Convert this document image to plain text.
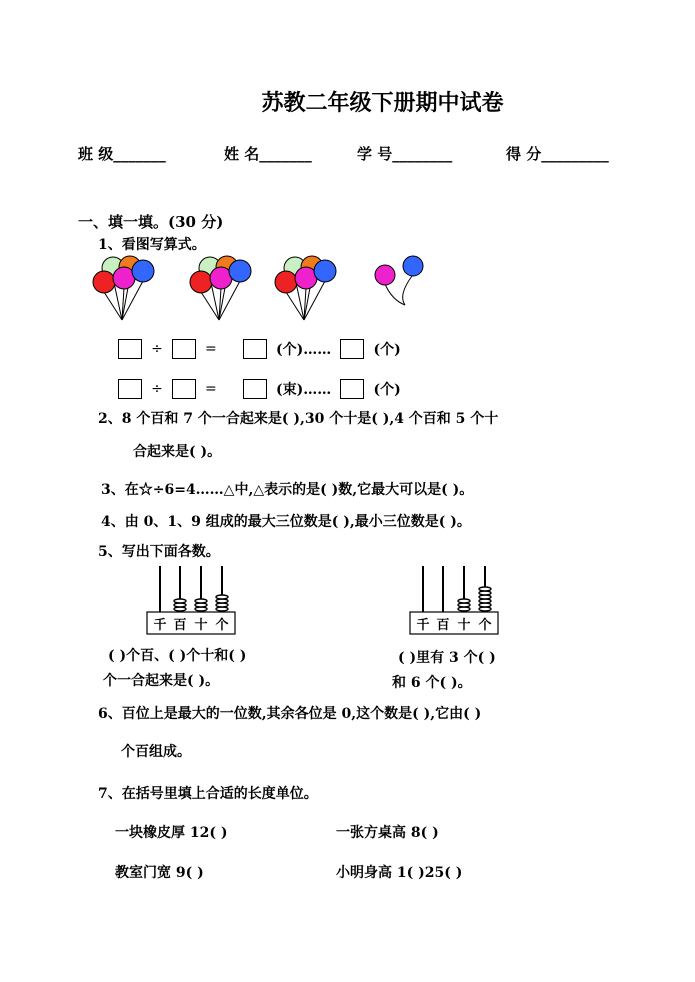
苏教二年级下册期中试卷
班 级_______	姓 名_______	学 号________	得 分_________
一、填一填。(30 分)
1、看图写算式。
÷	=	(个)……	(个)
÷	=	(束)……	(个)
2、8 个百和 7 个一合起来是( ),30 个十是( ),4 个百和 5 个十
合起来是( )。
3、在☆÷6=4……△中,△表示的是( )数,它最大可以是( )。
4、由 0、1、9 组成的最大三位数是( ),最小三位数是( )。
5、写出下面各数。
千 百 十 个	千 百 十 个
( )个百、( )个十和( )
个一合起来是( )。
( )里有 3 个( )
和 6 个( )。
6、百位上是最大的一位数,其余各位是 0,这个数是( ),它由( )
个百组成。
7、在括号里填上合适的长度单位。
一块橡皮厚 12( )	一张方桌高 8( )
教室门宽 9( )	小明身高 1( )25( )
